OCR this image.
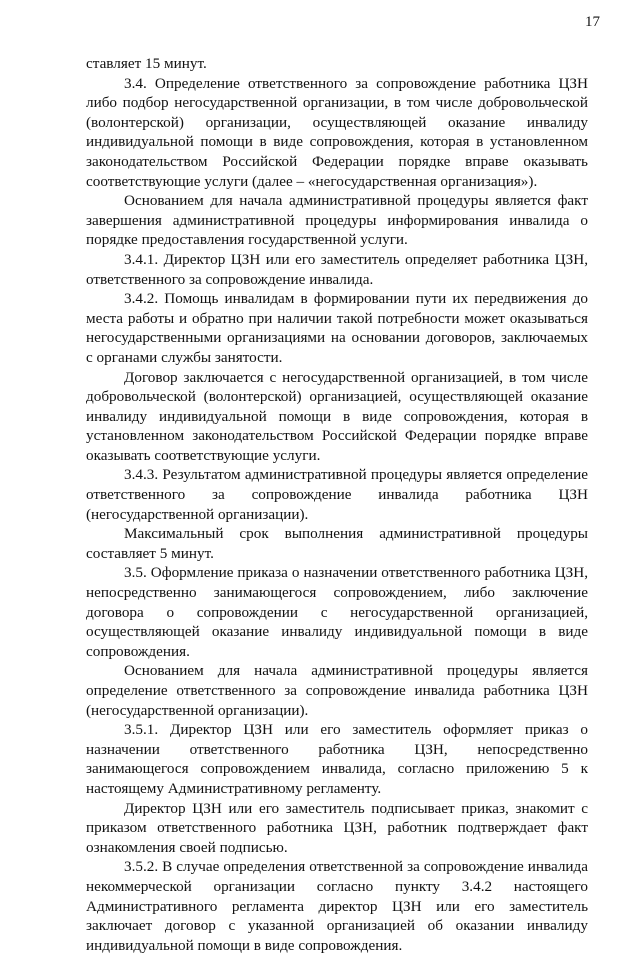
17

ставляет 15 минут.

3.4. Определение ответственного за сопровождение работника ЦЗН либо подбор негосударственной организации, в том числе добровольческой (волонтерской) организации, осуществляющей оказание инвалиду индивидуальной помощи в виде сопровождения, которая в установленном законодательством Российской Федерации порядке вправе оказывать соответствующие услуги (далее – «негосударственная организация»).

Основанием для начала административной процедуры является факт завершения административной процедуры информирования инвалида о порядке предоставления государственной услуги.

3.4.1. Директор ЦЗН или его заместитель определяет работника ЦЗН, ответственного за сопровождение инвалида.

3.4.2. Помощь инвалидам в формировании пути их передвижения до места работы и обратно при наличии такой потребности может оказываться негосударственными организациями на основании договоров, заключаемых с органами службы занятости.

Договор заключается с негосударственной организацией, в том числе добровольческой (волонтерской) организацией, осуществляющей оказание инвалиду индивидуальной помощи в виде сопровождения, которая в установленном законодательством Российской Федерации порядке вправе оказывать соответствующие услуги.

3.4.3. Результатом административной процедуры является определение ответственного за сопровождение инвалида работника ЦЗН (негосударственной организации).

Максимальный срок выполнения административной процедуры составляет 5 минут.

3.5. Оформление приказа о назначении ответственного работника ЦЗН, непосредственно занимающегося сопровождением, либо заключение договора о сопровождении с негосударственной организацией, осуществляющей оказание инвалиду индивидуальной помощи в виде сопровождения.

Основанием для начала административной процедуры является определение ответственного за сопровождение инвалида работника ЦЗН (негосударственной организации).

3.5.1. Директор ЦЗН или его заместитель оформляет приказ о назначении ответственного работника ЦЗН, непосредственно занимающегося сопровождением инвалида, согласно приложению 5 к настоящему Административному регламенту.

Директор ЦЗН или его заместитель подписывает приказ, знакомит с приказом ответственного работника ЦЗН, работник подтверждает факт ознакомления своей подписью.

3.5.2. В случае определения ответственной за сопровождение инвалида некоммерческой организации согласно пункту 3.4.2 настоящего Административного регламента директор ЦЗН или его заместитель заключает договор с указанной организацией об оказании инвалиду индивидуальной помощи в виде сопровождения.
